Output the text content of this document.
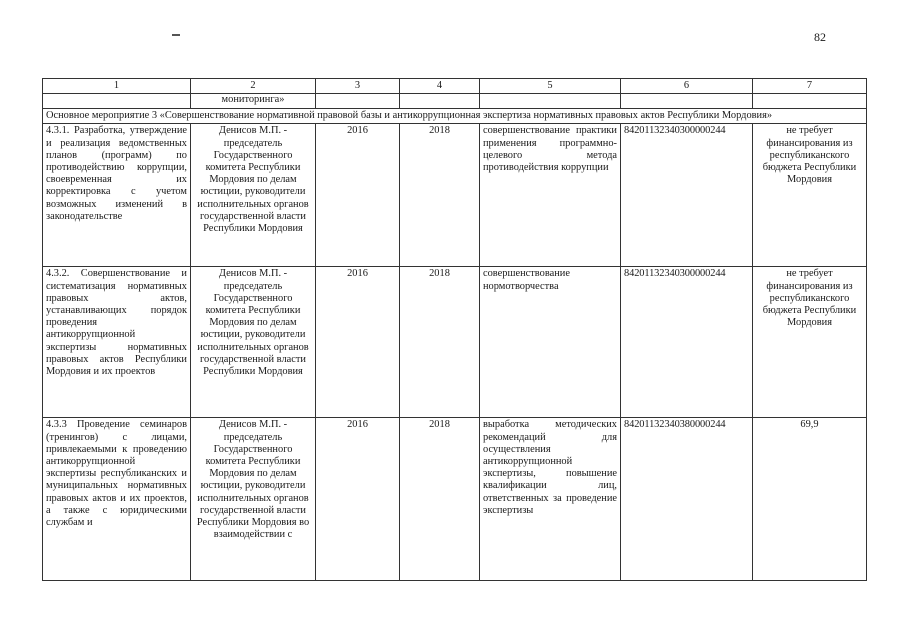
82
1	2	3	4	5	6	7
	мониторинга»					
Основное мероприятие 3 «Совершенствование нормативной правовой базы и антикоррупционная экспертиза нормативных правовых актов Республики Мордовия»						
4.3.1. Разработка, утверждение и реализация ведомственных планов (программ) по противодействию коррупции, своевременная их корректировка с учетом возможных изменений в законодательстве	Денисов М.П. - председатель Государственного комитета Республики Мордовия по делам юстиции, руководители исполнительных органов государственной власти Республики Мордовия	2016	2018	совершенствование практики применения программно-целевого метода противодействия коррупции	84201132340300000244	не требует финансирования из республиканского бюджета Республики Мордовия
4.3.2. Совершенствование и систематизация нормативных правовых актов, устанавливающих порядок проведения антикоррупционной экспертизы нормативных правовых актов Республики Мордовия и их проектов	Денисов М.П. - председатель Государственного комитета Республики Мордовия по делам юстиции, руководители исполнительных органов государственной власти Республики Мордовия	2016	2018	совершенствование нормотворчества	84201132340300000244	не требует финансирования из республиканского бюджета Республики Мордовия
4.3.3 Проведение семинаров (тренингов) с лицами, привлекаемыми к проведению антикоррупционной экспертизы республиканских и муниципальных нормативных правовых актов и их проектов, а также с юридическими службам и	Денисов М.П. - председатель Государственного комитета Республики Мордовия по делам юстиции, руководители исполнительных органов государственной власти Республики Мордовия во взаимодействии с	2016	2018	выработка методических рекомендаций для осуществления антикоррупционной экспертизы, повышение квалификации лиц, ответственных за проведение экспертизы	84201132340380000244	69,9
